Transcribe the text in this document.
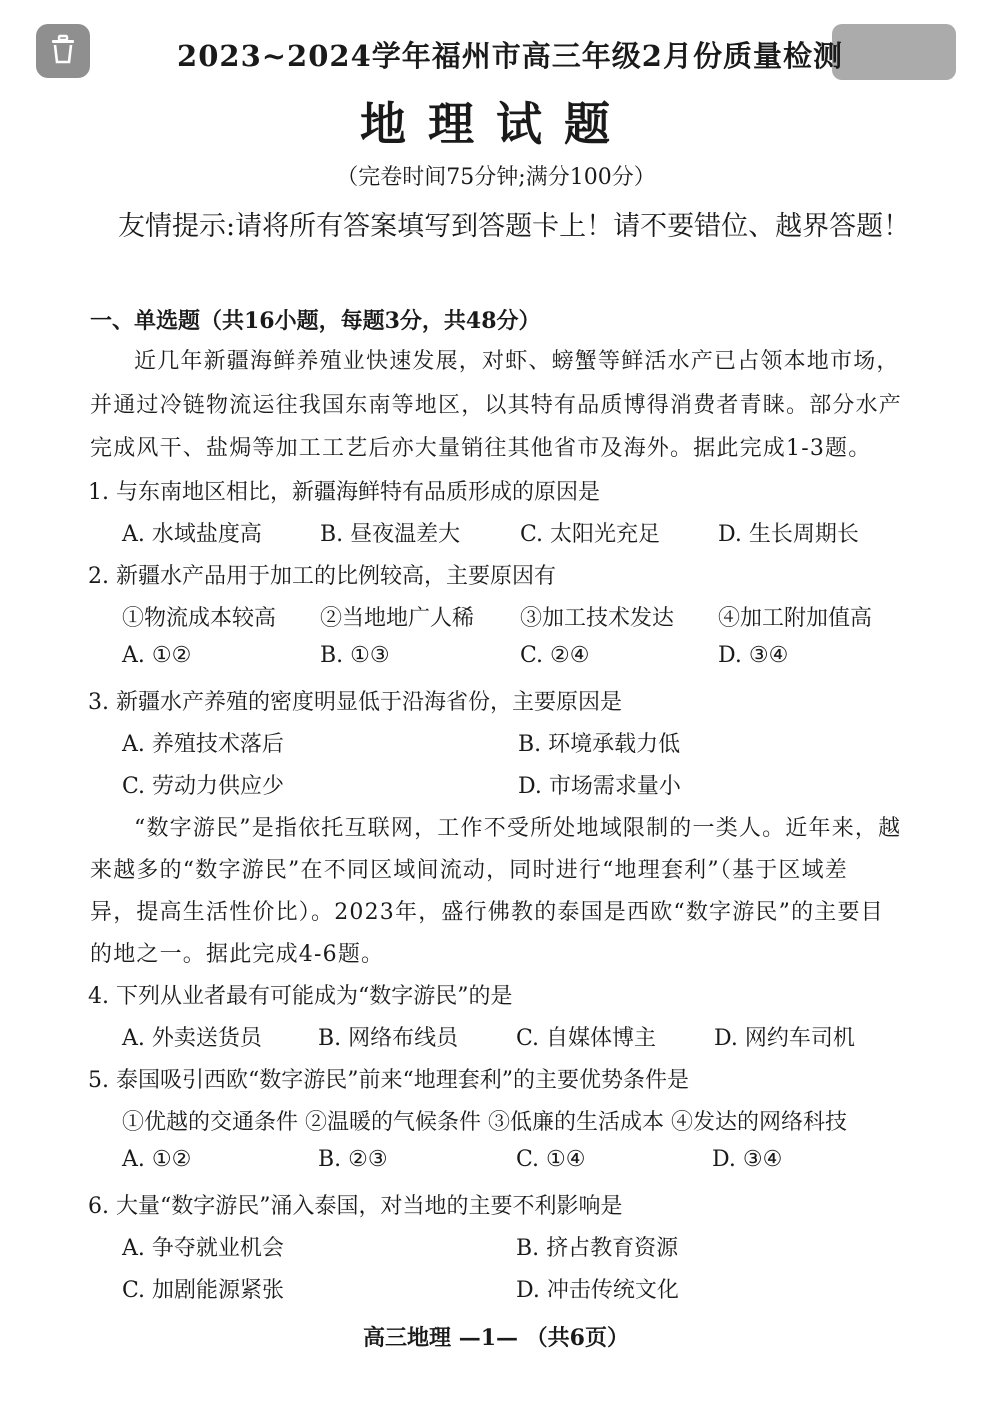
2023~2024学年福州市高三年级2月份质量检测
地理试题
（完卷时间75分钟;满分100分）
友情提示:请将所有答案填写到答题卡上！请不要错位、越界答题！
一、单选题（共16小题，每题3分，共48分）
近几年新疆海鲜养殖业快速发展，对虾、螃蟹等鲜活水产已占领本地市场，
并通过冷链物流运往我国东南等地区，以其特有品质博得消费者青睐。部分水产
完成风干、盐焗等加工工艺后亦大量销往其他省市及海外。据此完成1-3题。
1. 与东南地区相比，新疆海鲜特有品质形成的原因是
A. 水域盐度高	B. 昼夜温差大	C. 太阳光充足	D. 生长周期长
2. 新疆水产品用于加工的比例较高，主要原因有
①物流成本较高 ②当地地广人稀 ③加工技术发达 ④加工附加值高
A. ①②	B. ①③	C. ②④	D. ③④
3. 新疆水产养殖的密度明显低于沿海省份，主要原因是
A. 养殖技术落后	B. 环境承载力低
C. 劳动力供应少	D. 市场需求量小
“数字游民”是指依托互联网，工作不受所处地域限制的一类人。近年来，越
来越多的“数字游民”在不同区域间流动，同时进行“地理套利”（基于区域差
异，提高生活性价比）。2023年，盛行佛教的泰国是西欧“数字游民”的主要目
的地之一。据此完成4-6题。
4. 下列从业者最有可能成为“数字游民”的是
A. 外卖送货员	B. 网络布线员	C. 自媒体博主	D. 网约车司机
5. 泰国吸引西欧“数字游民”前来“地理套利”的主要优势条件是
①优越的交通条件 ②温暖的气候条件 ③低廉的生活成本 ④发达的网络科技
A. ①②	B. ②③	C. ①④	D. ③④
6. 大量“数字游民”涌入泰国，对当地的主要不利影响是
A. 争夺就业机会	B. 挤占教育资源
C. 加剧能源紧张	D. 冲击传统文化
高三地理 —1— （共6页）
